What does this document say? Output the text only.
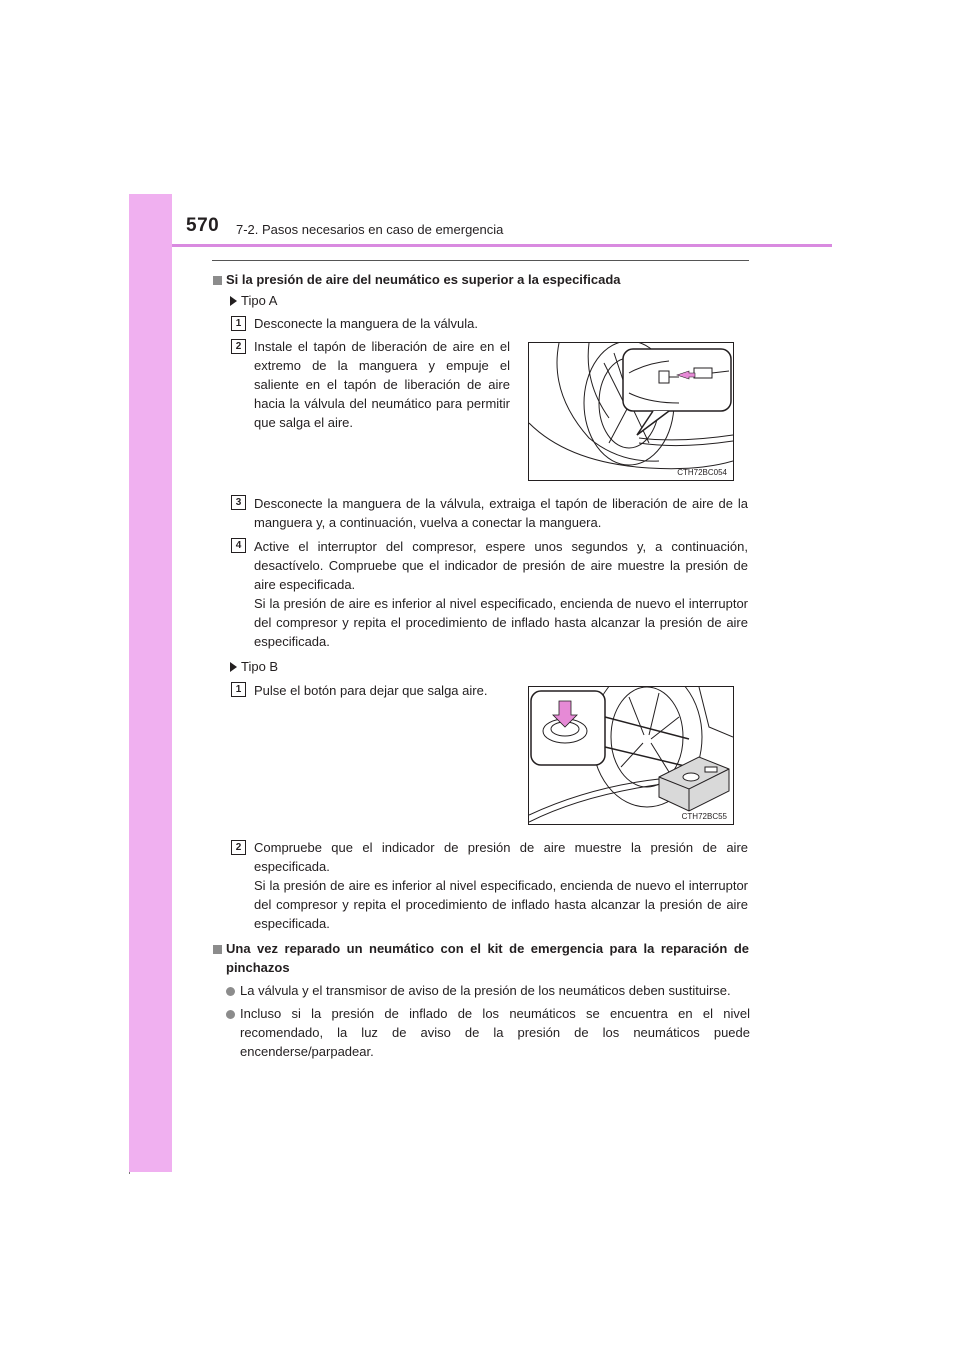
570 7-2. Pasos necesarios en caso de emergencia

Si la presión de aire del neumático es superior a la especificada

Tipo A

1 Desconecte la manguera de la válvula.

2 Instale el tapón de liberación de aire en el extremo de la manguera y empuje el saliente en el tapón de liberación de aire hacia la válvula del neumático para permitir que salga el aire.

CTH72BC054
3 Desconecte la manguera de la válvula, extraiga el tapón de liberación de aire de la manguera y, a continuación, vuelva a conectar la manguera.

4 Active el interruptor del compresor, espere unos segundos y, a continuación, desactívelo. Compruebe que el indicador de presión de aire muestre la presión de aire especificada.

Si la presión de aire es inferior al nivel especificado, encienda de nuevo el interruptor del compresor y repita el procedimiento de inflado hasta alcanzar la presión de aire especificada.

Tipo B

1 Pulse el botón para dejar que salga aire.

CTH72BC55
2 Compruebe que el indicador de presión de aire muestre la presión de aire especificada.

Si la presión de aire es inferior al nivel especificado, encienda de nuevo el interruptor del compresor y repita el procedimiento de inflado hasta alcanzar la presión de aire especificada.

Una vez reparado un neumático con el kit de emergencia para la reparación de pinchazos

La válvula y el transmisor de aviso de la presión de los neumáticos deben sustituirse.

Incluso si la presión de inflado de los neumáticos se encuentra en el nivel recomendado, la luz de aviso de la presión de los neumáticos puede encenderse/parpadear.
